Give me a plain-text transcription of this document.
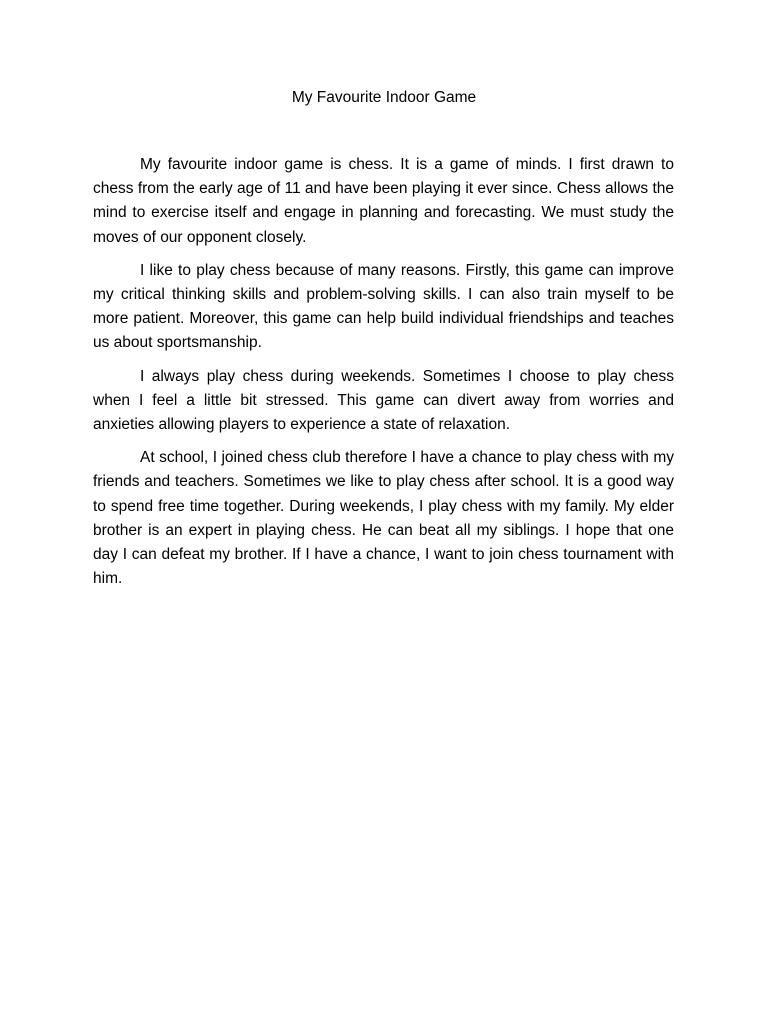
My Favourite Indoor Game

My favourite indoor game is chess. It is a game of minds. I first drawn to chess from the early age of 11 and have been playing it ever since. Chess allows the mind to exercise itself and engage in planning and forecasting. We must study the moves of our opponent closely.

I like to play chess because of many reasons. Firstly, this game can improve my critical thinking skills and problem-solving skills. I can also train myself to be more patient. Moreover, this game can help build individual friendships and teaches us about sportsmanship.

I always play chess during weekends. Sometimes I choose to play chess when I feel a little bit stressed. This game can divert away from worries and anxieties allowing players to experience a state of relaxation.

At school, I joined chess club therefore I have a chance to play chess with my friends and teachers. Sometimes we like to play chess after school. It is a good way to spend free time together. During weekends, I play chess with my family. My elder brother is an expert in playing chess. He can beat all my siblings. I hope that one day I can defeat my brother. If I have a chance, I want to join chess tournament with him.
